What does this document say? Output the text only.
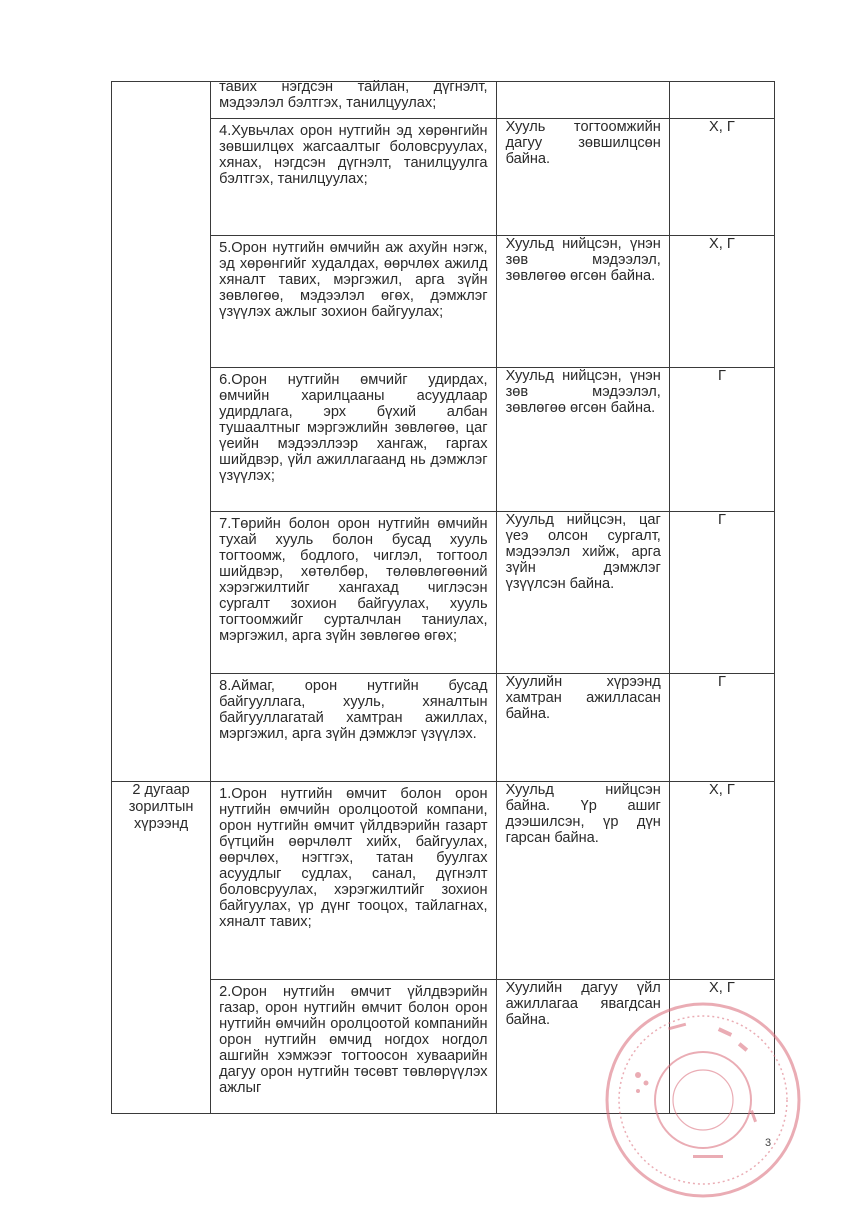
	тавих нэгдсэн тайлан, дүгнэлт, мэдээлэл бэлтгэх, танилцуулах;		

	4.Хувьчлах орон нутгийн эд хөрөнгийн зөвшилцөх жагсаалтыг боловсруулах, хянах, нэгдсэн дүгнэлт, танилцуулга бэлтгэх, танилцуулах;	Хууль тогтоомжийн дагуу зөвшилцсөн байна.	Х, Г

	5.Орон нутгийн өмчийн аж ахуйн нэгж, эд хөрөнгийг худалдах, өөрчлөх ажилд хяналт тавих, мэргэжил, арга зүйн зөвлөгөө, мэдээлэл өгөх, дэмжлэг үзүүлэх ажлыг зохион байгуулах;	Хуульд нийцсэн, үнэн зөв мэдээлэл, зөвлөгөө өгсөн байна.	Х, Г

	6.Орон нутгийн өмчийг удирдах, өмчийн харилцааны асуудлаар удирдлага, эрх бүхий албан тушаалтныг мэргэжлийн зөвлөгөө, цаг үеийн мэдээллээр хангаж, гаргах шийдвэр, үйл ажиллагаанд нь дэмжлэг үзүүлэх;	Хуульд нийцсэн, үнэн зөв мэдээлэл, зөвлөгөө өгсөн байна.	Г

	7.Төрийн болон орон нутгийн өмчийн тухай хууль болон бусад хууль тогтоомж, бодлого, чиглэл, тогтоол шийдвэр, хөтөлбөр, төлөвлөгөөний хэрэгжилтийг хангахад чиглэсэн сургалт зохион байгуулах, хууль тогтоомжийг сурталчлан таниулах, мэргэжил, арга зүйн зөвлөгөө өгөх;	Хуульд нийцсэн, цаг үеэ олсон сургалт, мэдээлэл хийж, арга зүйн дэмжлэг үзүүлсэн байна.	Г

	8.Аймаг, орон нутгийн бусад байгууллага, хууль, хяналтын байгууллагатай хамтран ажиллах, мэргэжил, арга зүйн дэмжлэг үзүүлэх.	Хуулийн хүрээнд хамтран ажилласан байна.	Г

2 дугаар зорилтын хүрээнд	1.Орон нутгийн өмчит болон орон нутгийн өмчийн оролцоотой компани, орон нутгийн өмчит үйлдвэрийн газарт бүтцийн өөрчлөлт хийх, байгуулах, өөрчлөх, нэгтгэх, татан буулгах асуудлыг судлах, санал, дүгнэлт боловсруулах, хэрэгжилтийг зохион байгуулах, үр дүнг тооцох, тайлагнах, хяналт тавих;	Хуульд нийцсэн байна. Үр ашиг дээшилсэн, үр дүн гарсан байна.	Х, Г

	2.Орон нутгийн өмчит үйлдвэрийн газар, орон нутгийн өмчит болон орон нутгийн өмчийн оролцоотой компанийн орон нутгийн өмчид ногдох ногдол ашгийн хэмжээг тогтоосон хуваарийн дагуу орон нутгийн төсөвт төвлөрүүлэх ажлыг	Хуулийн дагуу үйл ажиллагаа явагдсан байна.	Х, Г
3
